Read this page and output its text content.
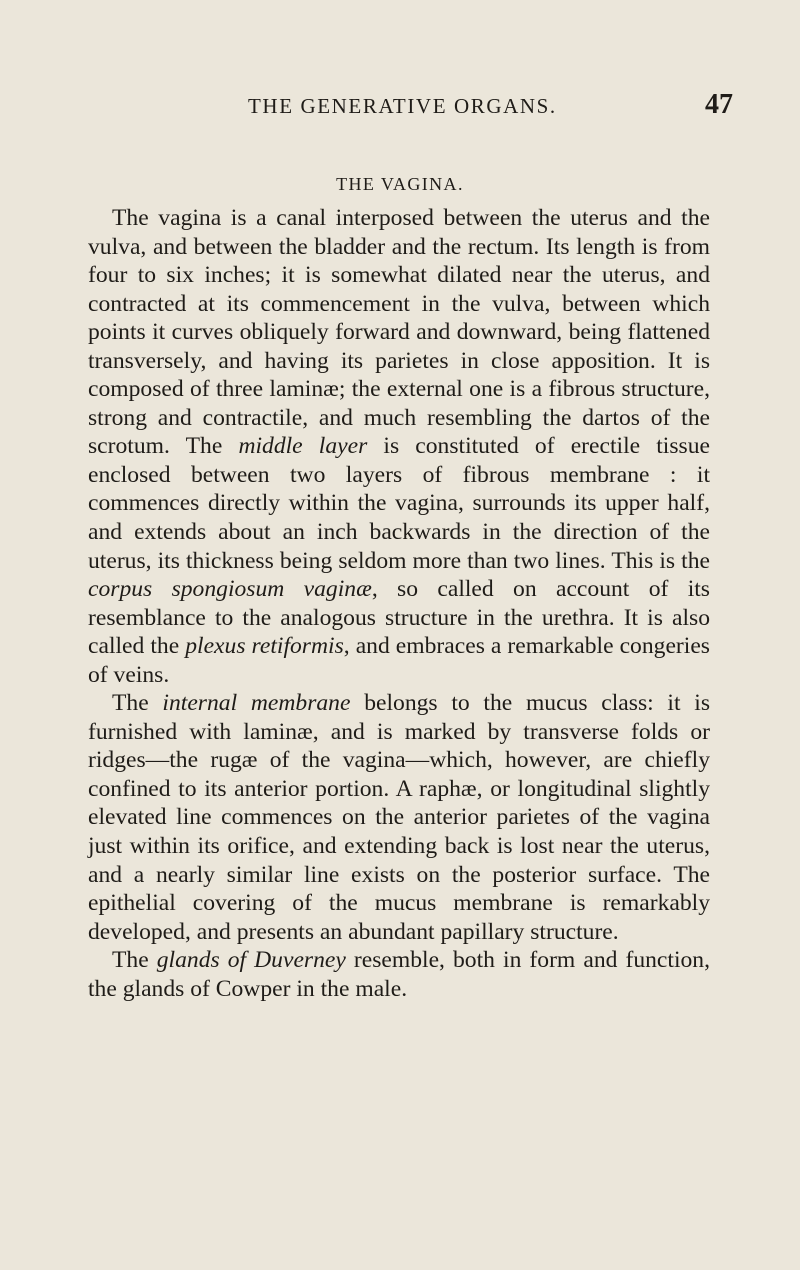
THE GENERATIVE ORGANS.	47
THE VAGINA.

The vagina is a canal interposed between the uterus and the vulva, and between the bladder and the rectum. Its length is from four to six inches; it is somewhat dilated near the uterus, and contracted at its commencement in the vulva, between which points it curves obliquely forward and downward, being flattened transversely, and having its parietes in close apposition. It is composed of three laminæ; the external one is a fibrous structure, strong and contractile, and much resembling the dartos of the scrotum. The middle layer is constituted of erectile tissue enclosed between two layers of fibrous membrane : it commences directly within the vagina, surrounds its upper half, and extends about an inch backwards in the direction of the uterus, its thickness being seldom more than two lines. This is the corpus spongiosum vaginæ, so called on account of its resemblance to the analogous structure in the urethra. It is also called the plexus retiformis, and embraces a remarkable congeries of veins.

The internal membrane belongs to the mucus class: it is furnished with laminæ, and is marked by transverse folds or ridges—the rugæ of the vagina—which, however, are chiefly confined to its anterior portion. A raphæ, or longitudinal slightly elevated line commences on the anterior parietes of the vagina just within its orifice, and extending back is lost near the uterus, and a nearly similar line exists on the posterior surface. The epithelial covering of the mucus membrane is remarkably developed, and presents an abundant papillary structure.

The glands of Duverney resemble, both in form and function, the glands of Cowper in the male.
